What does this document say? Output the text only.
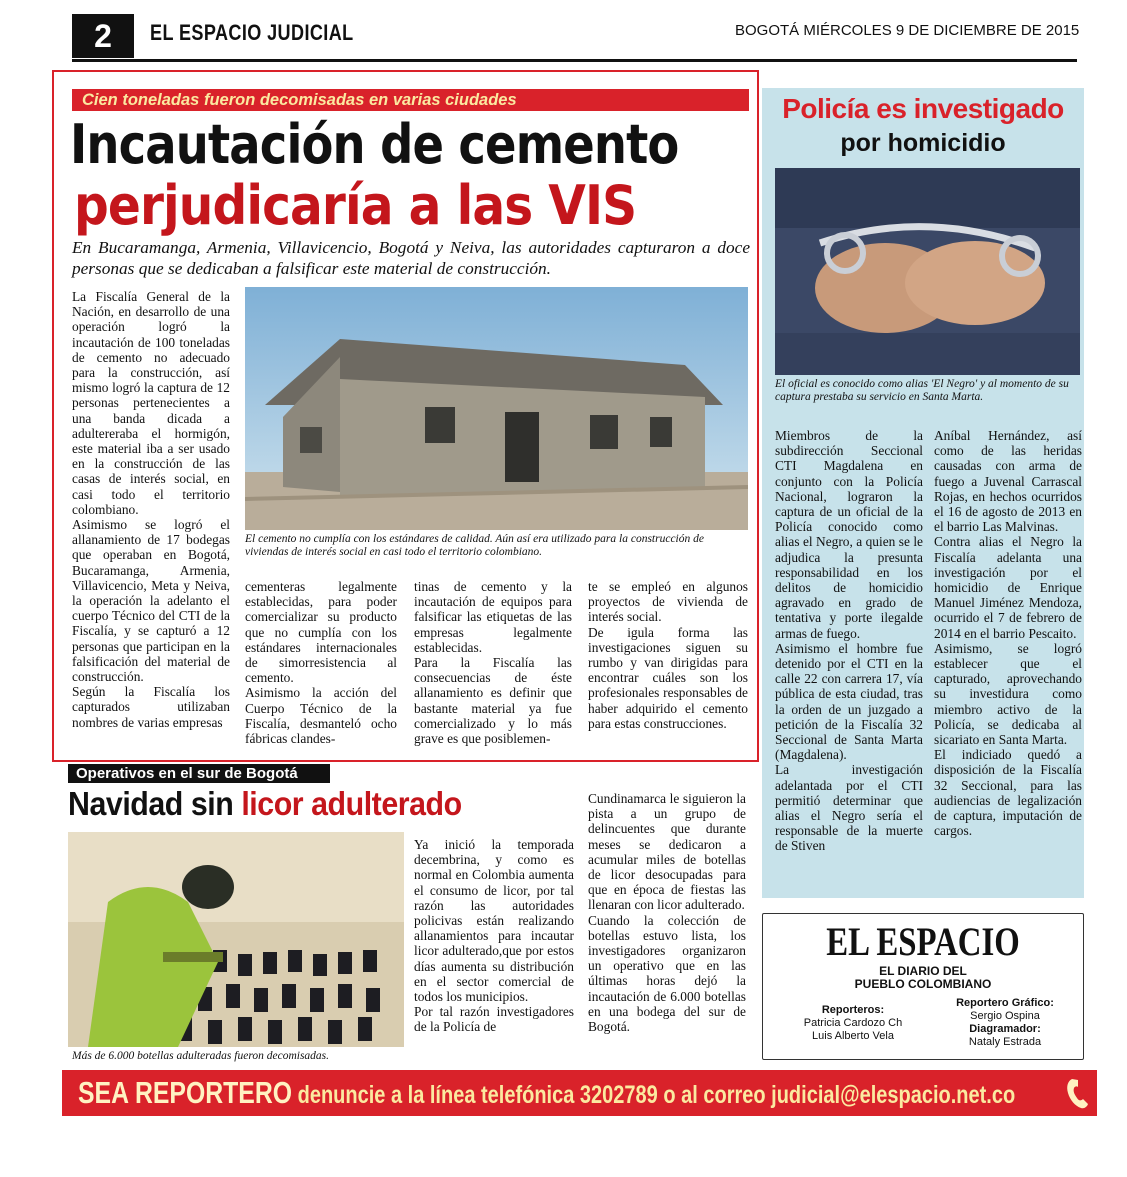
2	EL ESPACIO JUDICIAL	BOGOTÁ MIÉRCOLES 9 DE DICIEMBRE DE 2015
Cien toneladas fueron decomisadas en varias ciudades
Incautación de cemento
perjudicaría a las VIS
En Bucaramanga, Armenia, Villavicencio, Bogotá y Neiva, las autoridades capturaron a doce personas que se dedicaban a falsificar este material de construcción.

La Fiscalía General de la Nación, en desarrollo de una operación logró la incautación de 100 toneladas de cemento no adecuado para la construcción, así mismo logró la captura de 12 personas pertenecientes a una banda dicada a adultereraba el hormigón, este material iba a ser usado en la construcción de las casas de interés social, en casi todo el territorio colombiano.

Asimismo se logró el allanamiento de 17 bodegas que operaban en Bogotá, Bucaramanga, Armenia, Villavicencio, Meta y Neiva, la operación la adelanto el cuerpo Técnico del CTI de la Fiscalía, y se capturó a 12 personas que participan en la falsificación del material de construcción.

Según la Fiscalía los capturados utilizaban nombres de varias empresas

El cemento no cumplía con los estándares de calidad. Aún así era utilizado para la construcción de viviendas de interés social en casi todo el territorio colombiano.

cementeras legalmente establecidas, para poder comercializar su producto que no cumplía con los estándares internacionales de simorresistencia al cemento.

Asimismo la acción del Cuerpo Técnico de la Fiscalía, desmanteló ocho fábricas clandes-

tinas de cemento y la incautación de equipos para falsificar las etiquetas de las empresas legalmente establecidas.

Para la Fiscalía las consecuencias de éste allanamiento es definir que bastante material ya fue comercializado y lo más grave es que posiblemen-

te se empleó en algunos proyectos de vivienda de interés social.

De igula forma las investigaciones siguen su rumbo y van dirigidas para encontrar cuáles son los profesionales responsables de haber adquirido el cemento para estas construcciones.

Policía es investigado
por homicidio
El oficial es conocido como alias 'El Negro' y al momento de su captura prestaba su servicio en Santa Marta.

Miembros de la subdirección Seccional CTI Magdalena en conjunto con la Policía Nacional, lograron la captura de un oficial de la Policía conocido como alias el Negro, a quien se le adjudica la presunta responsabilidad en los delitos de homicidio agravado en grado de tentativa y porte ilegalde armas de fuego.

Asimismo el hombre fue detenido por el CTI en la calle 22 con carrera 17, vía pública de esta ciudad, tras la orden de un juzgado a petición de la Fiscalía 32 Seccional de Santa Marta (Magdalena).

La investigación adelantada por el CTI permitió determinar que alias el Negro sería el responsable de la muerte de Stiven

Aníbal Hernández, así como de las heridas causadas con arma de fuego a Juvenal Carrascal Rojas, en hechos ocurridos el 16 de agosto de 2013 en el barrio Las Malvinas.

Contra alias el Negro la Fiscalía adelanta una investigación por el homicidio de Enrique Manuel Jiménez Mendoza, ocurrido el 7 de febrero de 2014 en el barrio Pescaito.

Asimismo, se logró establecer que el capturado, aprovechando su investidura como miembro activo de la Policía, se dedicaba al sicariato en Santa Marta.

El indiciado quedó a disposición de la Fiscalía 32 Seccional, para las audiencias de legalización de captura, imputación de cargos.

Operativos en el sur de Bogotá
Navidad sin licor adulterado
Más de 6.000 botellas adulteradas fueron decomisadas.

Ya inició la temporada decembrina, y como es normal en Colombia aumenta el consumo de licor, por tal razón las autoridades policivas están realizando allanamientos para incautar licor adulterado,que por estos días aumenta su distribución en el sector comercial de todos los municipios.

Por tal razón investigadores de la Policía de

Cundinamarca le siguieron la pista a un grupo de delincuentes que durante meses se dedicaron a acumular miles de botellas de licor desocupadas para que en época de fiestas las llenaran con licor adulterado.

Cuando la colección de botellas estuvo lista, los investigadores organizaron un operativo que en las últimas horas dejó la incautación de 6.000 botellas en una bodega del sur de Bogotá.

EL ESPACIO
EL DIARIO DEL
PUEBLO COLOMBIANO
Reporteros:
Patricia Cardozo Ch
Luis Alberto Vela
Reportero Gráfico:
Sergio Ospina
Diagramador:
Nataly Estrada
SEA REPORTERO denuncie a la línea telefónica 3202789 o al correo judicial@elespacio.net.co
